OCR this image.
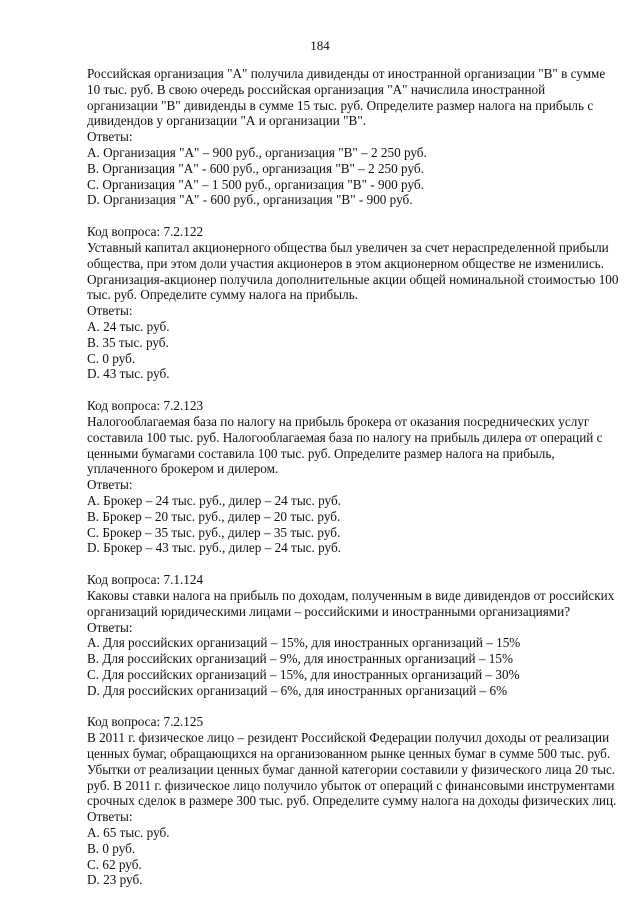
184
Российская организация "А" получила дивиденды от иностранной организации "В" в сумме
10 тыс. руб. В свою очередь российская организация "А" начислила иностранной
организации "В" дивиденды в сумме 15 тыс. руб. Определите размер налога на прибыль с
дивидендов у организации "А и организации "В".
Ответы:
A. Организация "А" – 900 руб., организация "В" – 2 250 руб.
B. Организация "А" - 600 руб., организация "В" – 2 250 руб.
C. Организация "А" – 1 500 руб., организация "В" - 900 руб.
D. Организация "А" - 600 руб., организация "В" - 900 руб.
Код вопроса: 7.2.122
Уставный капитал акционерного общества был увеличен за счет нераспределенной прибыли
общества, при этом доли участия акционеров в этом акционерном обществе не изменились.
Организация-акционер получила дополнительные акции общей номинальной стоимостью 100
тыс. руб. Определите сумму налога на прибыль.
Ответы:
A. 24 тыс. руб.
B. 35 тыс. руб.
C. 0 руб.
D. 43 тыс. руб.
Код вопроса: 7.2.123
Налогооблагаемая база по налогу на прибыль брокера от оказания посреднических услуг
составила 100 тыс. руб. Налогооблагаемая база по налогу на прибыль дилера от операций с
ценными бумагами составила 100 тыс. руб. Определите размер налога на прибыль,
уплаченного брокером и дилером.
Ответы:
A. Брокер – 24 тыс. руб., дилер – 24 тыс. руб.
B. Брокер – 20 тыс. руб., дилер – 20 тыс. руб.
C. Брокер – 35 тыс. руб., дилер – 35 тыс. руб.
D. Брокер – 43 тыс. руб., дилер – 24 тыс. руб.
Код вопроса: 7.1.124
Каковы ставки налога на прибыль по доходам, полученным в виде дивидендов от российских
организаций юридическими лицами – российскими и иностранными организациями?
Ответы:
A. Для российских организаций – 15%, для иностранных организаций – 15%
B. Для российских организаций – 9%, для иностранных организаций – 15%
C. Для российских организаций – 15%, для иностранных организаций – 30%
D. Для российских организаций – 6%, для иностранных организаций – 6%
Код вопроса: 7.2.125
В 2011 г. физическое лицо – резидент Российской Федерации получил доходы от реализации
ценных бумаг, обращающихся на организованном рынке ценных бумаг в сумме 500 тыс. руб.
Убытки от реализации ценных бумаг данной категории составили у физического лица 20 тыс.
руб. В 2011 г. физическое лицо получило убыток от операций с финансовыми инструментами
срочных сделок в размере 300 тыс. руб. Определите сумму налога на доходы физических лиц.
Ответы:
A. 65 тыс. руб.
B. 0 руб.
C. 62 руб.
D. 23 руб.
